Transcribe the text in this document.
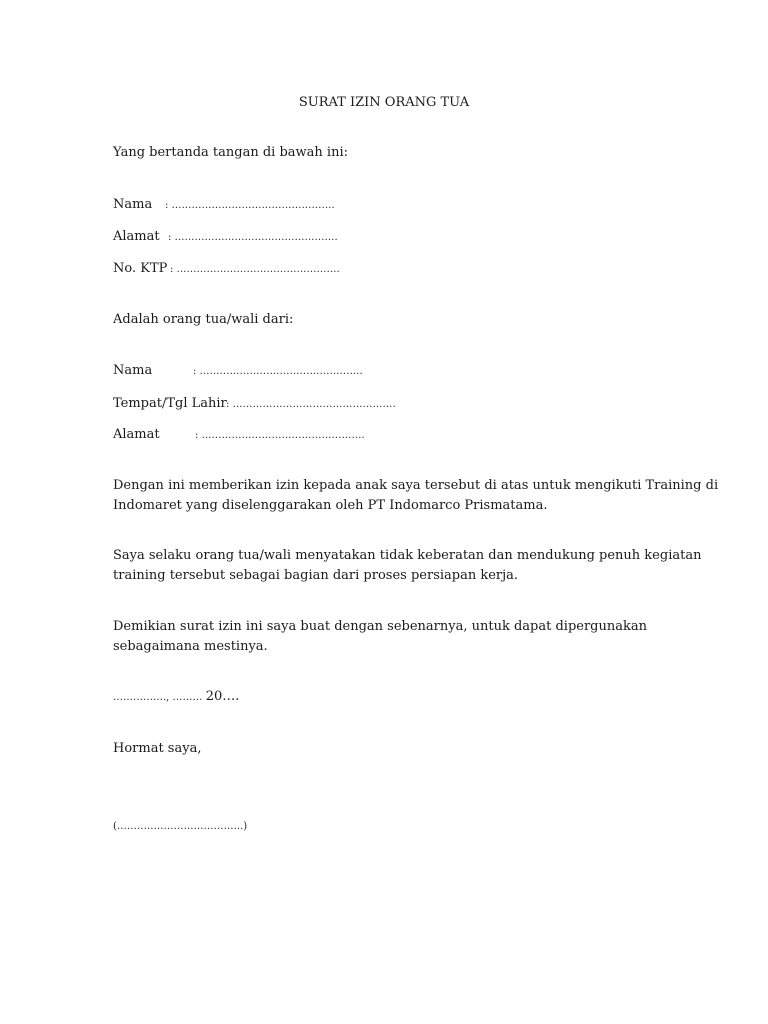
SURAT IZIN ORANG TUA
Yang bertanda tangan di bawah ini:
Nama : ………………………………………….
Alamat : ………………………………………….
No. KTP : ………………………………………….
Adalah orang tua/wali dari:
Nama	: ………………………………………….
Tempat/Tgl Lahir: ………………………………………….
Alamat	: ………………………………………….
Dengan ini memberikan izin kepada anak saya tersebut di atas untuk mengikuti Training di
Indomaret yang diselenggarakan oleh PT Indomarco Prismatama.
Saya selaku orang tua/wali menyatakan tidak keberatan dan mendukung penuh kegiatan
training tersebut sebagai bagian dari proses persiapan kerja.
Demikian surat izin ini saya buat dengan sebenarnya, untuk dapat dipergunakan
sebagaimana mestinya.
……………., ……… 20….
Hormat saya,
(………………………………..)
